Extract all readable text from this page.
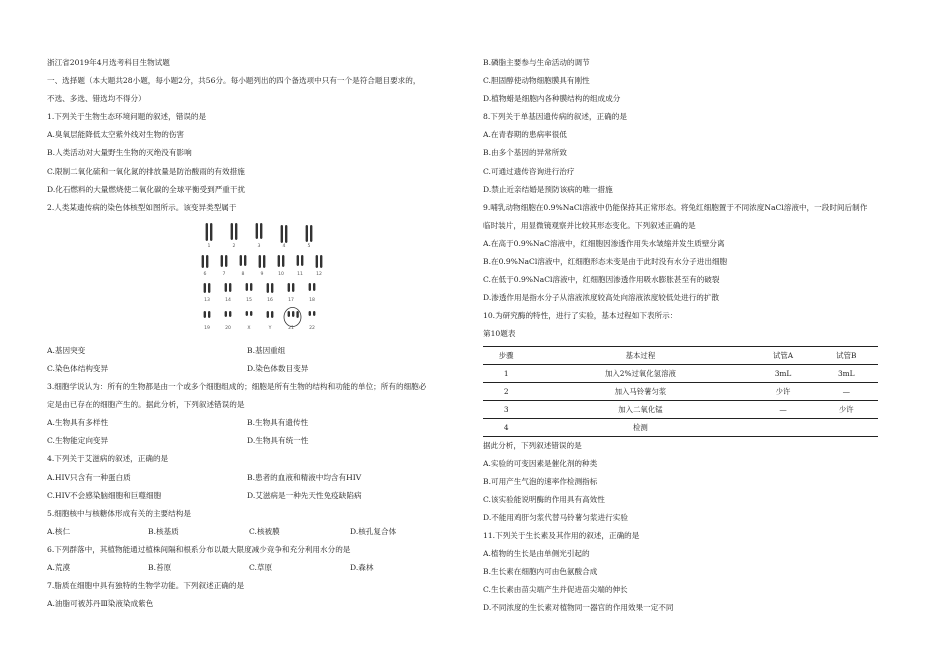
浙江省2019年4月选考科目生物试题
一、选择题（本大题共28小题，每小题2分，共56分。每小题列出的四个备选项中只有一个是符合题目要求的，
不选、多选、错选均不得分）
1.下列关于生物生态环境问题的叙述，错误的是
A.臭氧层能降低太空紫外线对生物的伤害
B.人类活动对大量野生生物的灭绝没有影响
C.限制二氧化硫和一氧化氮的排放量是防治酸雨的有效措施
D.化石燃料的大量燃烧使二氧化碳的全球平衡受到严重干扰
2.人类某遗传病的染色体核型如图所示。该变异类型属于
1	2	3	4	5
6	7	8	9	10	11	12
13	14	15	16	17	18
19	20	X	Y	21	22
A.基因突变	B.基因重组
C.染色体结构变异	D.染色体数目变异
3.细胞学说认为：所有的生物都是由一个或多个细胞组成的；细胞是所有生物的结构和功能的单位；所有的细胞必
定是由已存在的细胞产生的。据此分析，下列叙述错误的是
A.生物具有多样性	B.生物具有遗传性
C.生物能定向变异	D.生物具有统一性
4.下列关于艾滋病的叙述，正确的是
A.HIV只含有一种蛋白质	B.患者的血液和精液中均含有HIV
C.HIV不会感染脑细胞和巨噬细胞	D.艾滋病是一种先天性免疫缺陷病
5.细胞核中与核糖体形成有关的主要结构是
A.核仁	B.核基质	C.核被膜	D.核孔复合体
6.下列群落中，其植物能通过植株间隔和根系分布以最大限度减少竞争和充分利用水分的是
A.荒漠	B.苔原	C.草原	D.森林
7.脂质在细胞中具有独特的生物学功能。下列叙述正确的是
A.油脂可被苏丹Ⅲ染液染成紫色
B.磷脂主要参与生命活动的调节
C.胆固醇使动物细胞膜具有刚性
D.植物蜡是细胞内各种膜结构的组成成分
8.下列关于单基因遗传病的叙述，正确的是
A.在青春期的患病率很低
B.由多个基因的异常所致
C.可通过遗传咨询进行治疗
D.禁止近亲结婚是预防该病的唯一措施
9.哺乳动物细胞在0.9%NaCl溶液中仍能保持其正常形态。将兔红细胞置于不同浓度NaCl溶液中，一段时间后制作
临时装片，用显微镜观察并比较其形态变化。下列叙述正确的是
A.在高于0.9%NaC溶液中，红细胞因渗透作用失水皱缩并发生质壁分离
B.在0.9%NaCl溶液中，红细胞形态未变是由于此时没有水分子进出细胞
C.在低于0.9%NaCl溶液中，红细胞因渗透作用吸水膨胀甚至有的破裂
D.渗透作用是指水分子从溶液浓度较高处向溶液浓度较低处进行的扩散
10.为研究酶的特性，进行了实验，基本过程如下表所示：
第10题表
步骤	基本过程	试管A	试管B
1	加入2%过氧化氢溶液	3mL	3mL
2	加入马铃薯匀浆	少许	—
3	加入二氧化锰	—	少许
4	检测		
据此分析，下列叙述错误的是
A.实验的可变因素是催化剂的种类
B.可用产生气泡的速率作检测指标
C.该实验能说明酶的作用具有高效性
D.不能用鸡肝匀浆代替马铃薯匀浆进行实验
11.下列关于生长素及其作用的叙述，正确的是
A.植物的生长是由单侧光引起的
B.生长素在细胞内可由色氨酸合成
C.生长素由苗尖端产生并促进苗尖端的伸长
D.不同浓度的生长素对植物同一器官的作用效果一定不同
